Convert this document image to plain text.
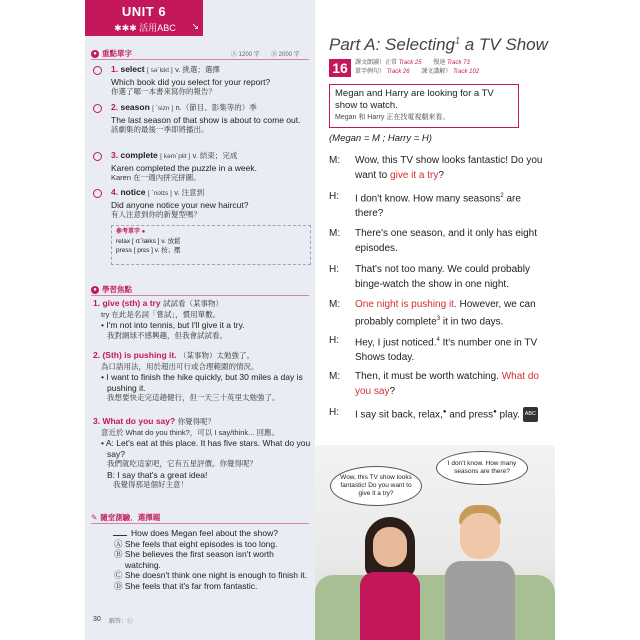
UNIT 6
✱✱✱ 活用ABC	↘
● 重點單字	Ⓐ 1200 字 Ⓑ 2000 字
1. select [ sə`lɛkt ] v. 挑選；選擇
Which book did you select for your report?
你選了哪一本書來寫你的報告？
2. season [ `sizn ] n.（節目、影集等的）季
The last season of that show is about to come out.
該劇集的最後一季即將播出。
3. complete [ kəm`plit ] v. 結束；完成
Karen completed the puzzle in a week.
Karen 在一週內拼完拼圖。
4. notice [ `notɪs ] v. 注意到
Did anyone notice your new haircut?
有人注意到你的新髮型嗎？
參考單字 ●
relax [ rɪ`læks ] v. 放鬆
press [ prɛs ] v. 按；壓
● 學習焦點
1. give (sth) a try 試試看（某事物）
try 在此是名詞「嘗試」，慣用單數。
• I'm not into tennis, but I'll give it a try.
我對網球不感興趣，但我會試試看。
2. (Sth) is pushing it. （某事物）太勉強了。
為口語用法，用於超出可行或合理範圍的情況。
• I want to finish the hike quickly, but 30 miles a day is pushing it.
我想要快走完這趟健行，但一天三十英里太勉強了。
3. What do you say? 你覺得呢？
意近於 What do you think?，可以 I say/think... 回應。
• A: Let's eat at this place. It has five stars. What do you say?
我們就吃這家吧，它有五星評價。你覺得呢？
B: I say that's a great idea!
我覺得那是個好主意！
✎ 隨堂測驗．選擇題
How does Megan feel about the show?
Ⓐ She feels that eight episodes is too long.
Ⓑ She believes the first season isn't worth watching.
Ⓒ She doesn't think one night is enough to finish it.
Ⓓ She feels that it's far from fantastic.
30 解答：Ⓒ
Part A: Selecting$^1$ a TV Show
16	課文朗讀）正常 Track 25 慢速 Track 73
單字例句） Track 26 課文講解） Track 102
Megan and Harry are looking for a TV show to watch.
Megan 和 Harry 正在找電視劇來看。
(Megan = M ; Harry = H)
M:	Wow, this TV show looks fantastic! Do you want to give it a try?
H:	I don't know. How many seasons$^2$ are there?
M:	There's one season, and it only has eight episodes.
H:	That's not too many. We could probably binge-watch the show in one night.
M:	One night is pushing it. However, we can probably complete$^3$ it in two days.
H:	Hey, I just noticed.$^4$ It's number one in TV Shows today.
M:	Then, it must be worth watching. What do you say?
H:	I say sit back, relax,● and press● play. ABC
Wow, this TV show looks fantastic! Do you want to give it a try?
I don't know. How many seasons are there?
